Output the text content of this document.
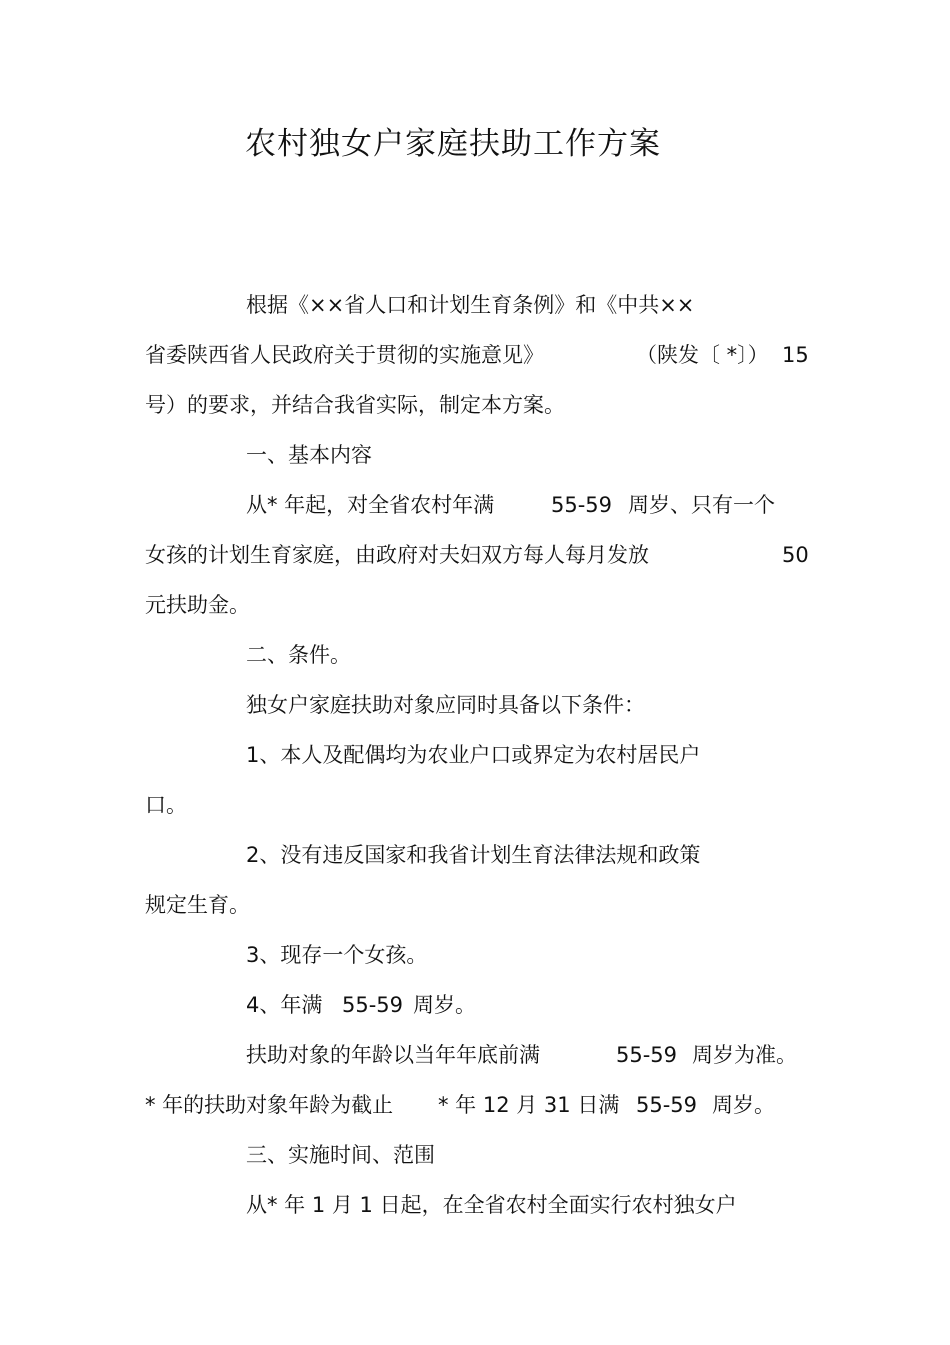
农村独女户家庭扶助工作方案
根据《××省人口和计划生育条例》和《中共××
省委陕西省人民政府关于贯彻的实施意见》	（陕发〔 *〕） 15
号）的要求，并结合我省实际，制定本方案。
一、基本内容
从* 年起，对全省农村年满	55-59 周岁、只有一个
女孩的计划生育家庭，由政府对夫妇双方每人每月发放	50
元扶助金。
二、条件。
独女户家庭扶助对象应同时具备以下条件：
1、本人及配偶均为农业户口或界定为农村居民户
口。
2、没有违反国家和我省计划生育法律法规和政策
规定生育。
3、现存一个女孩。
4、年满 55-59 周岁。
扶助对象的年龄以当年年底前满	55-59 周岁为准。
* 年的扶助对象年龄为截止 * 年 12 月 31 日满 55-59 周岁。
三、实施时间、范围
从* 年 1 月 1 日起，在全省农村全面实行农村独女户
